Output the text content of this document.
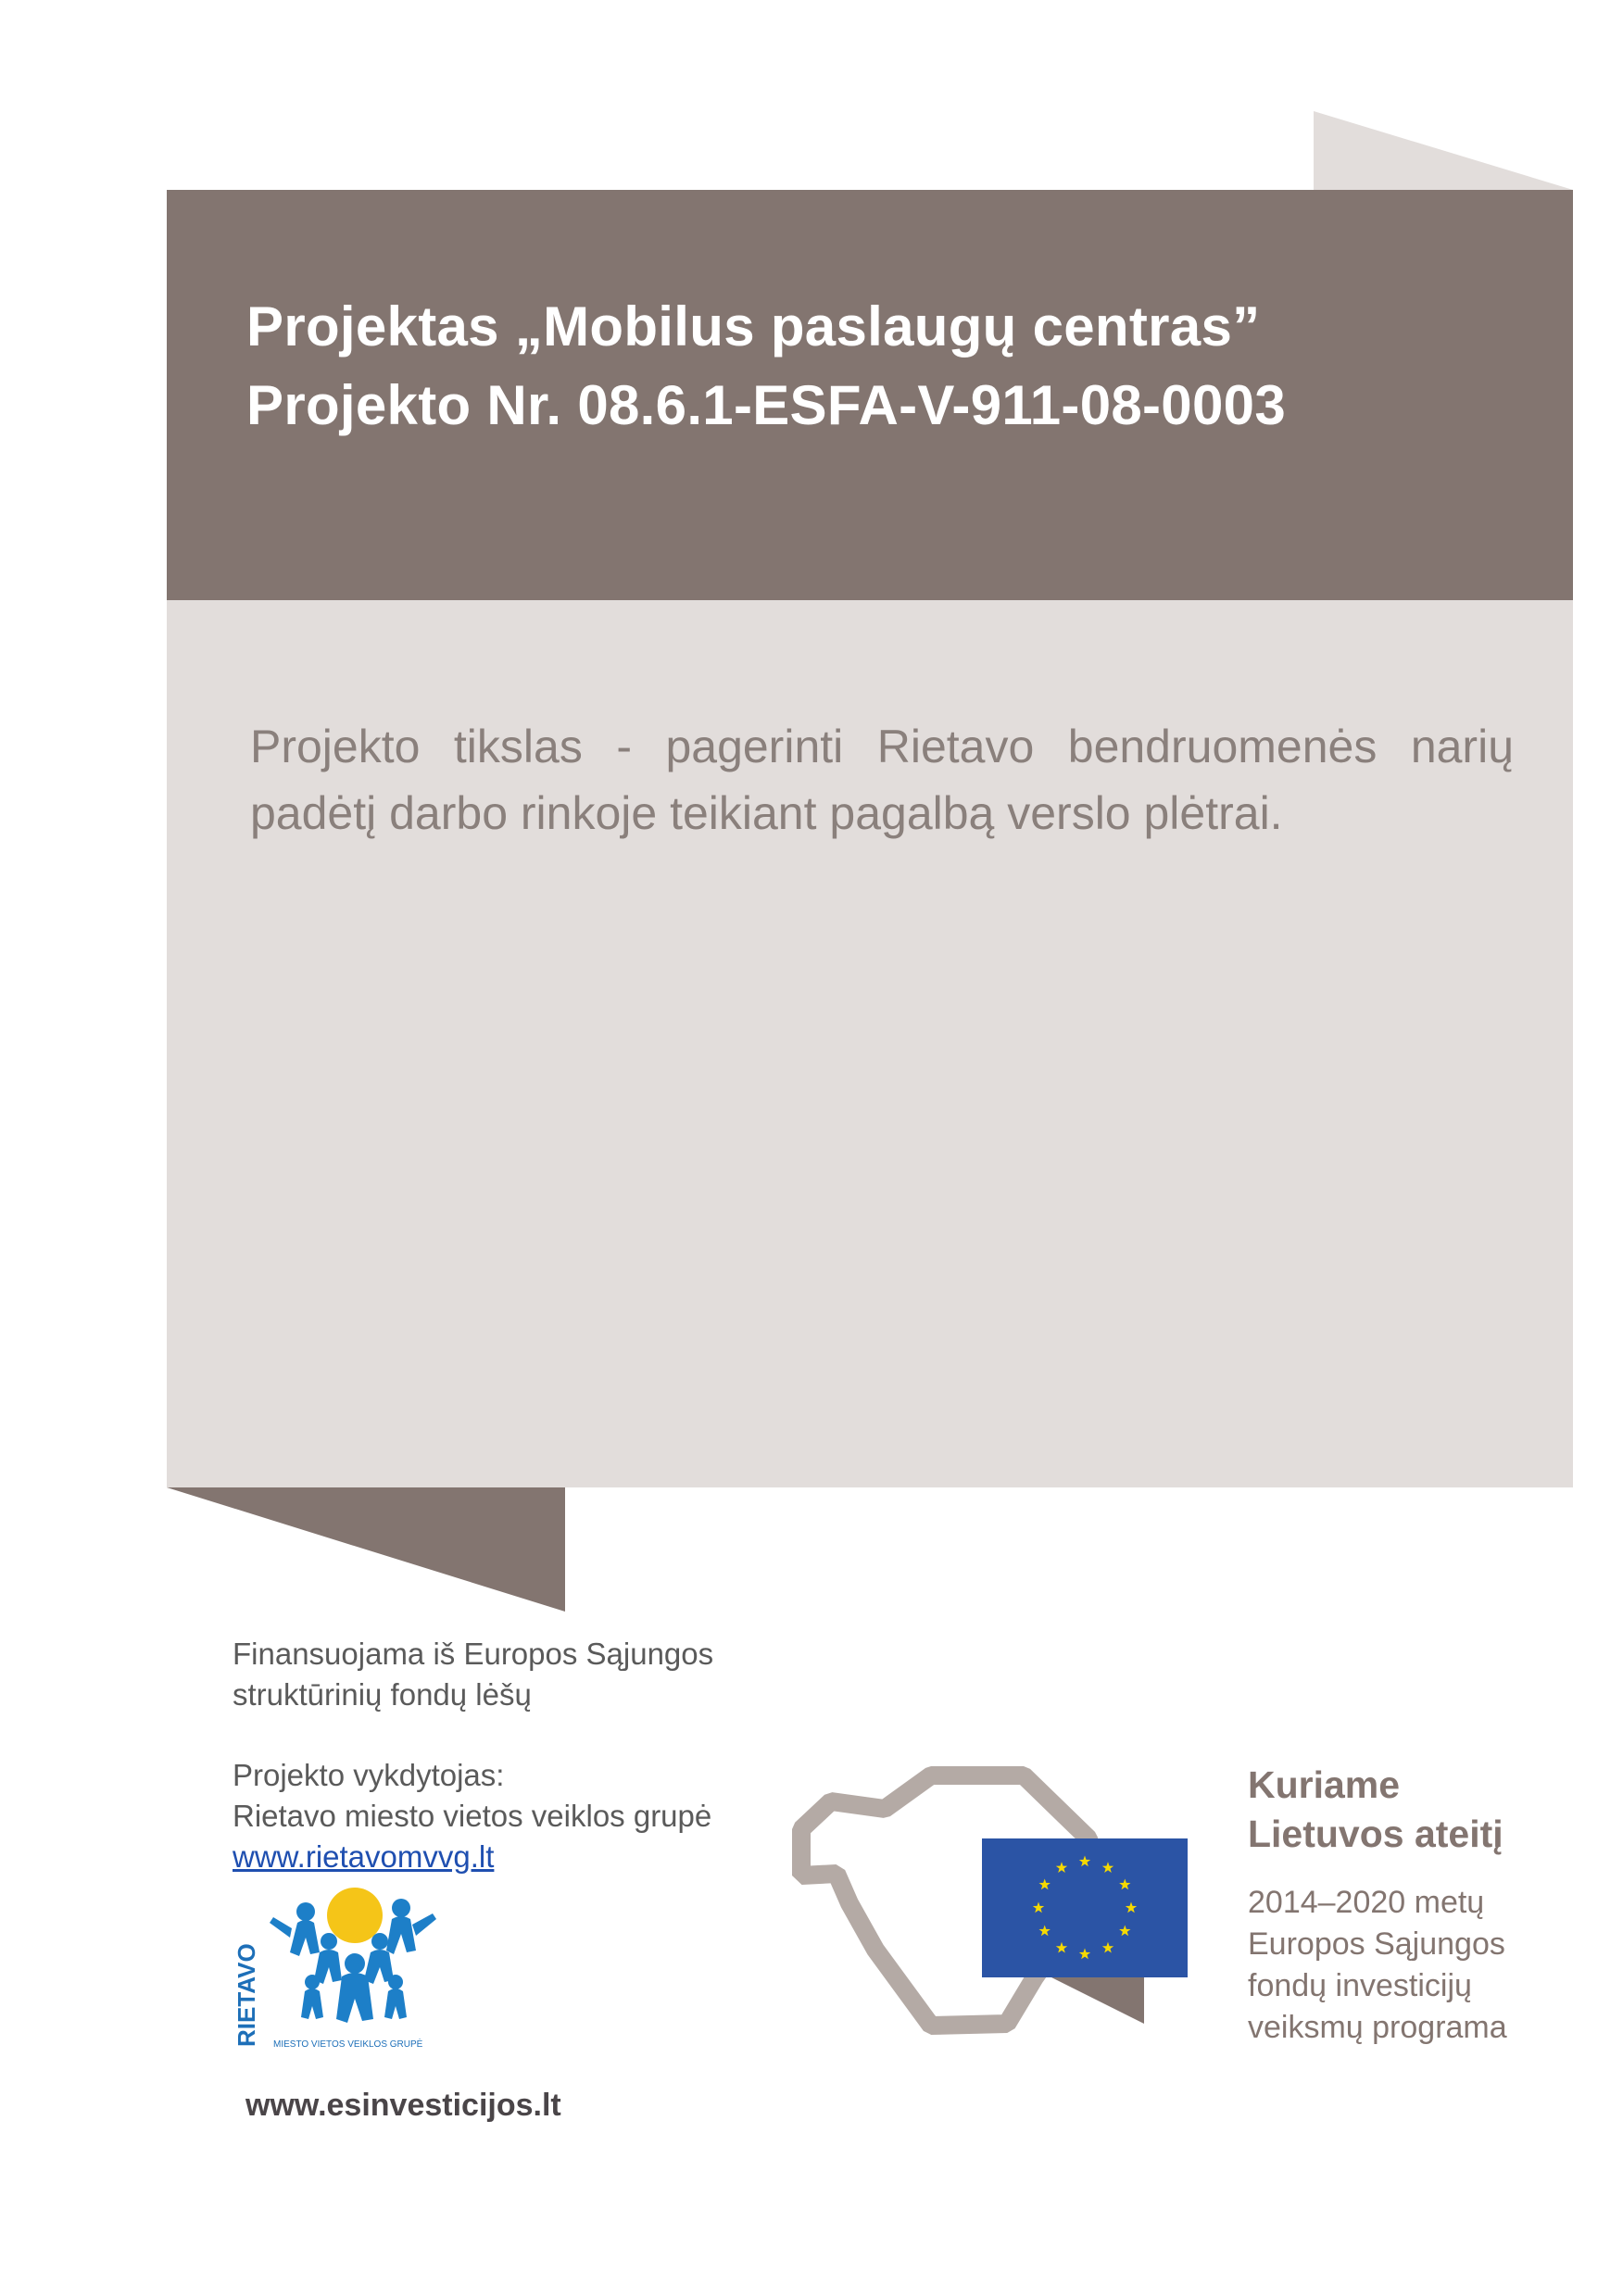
Projektas „Mobilus paslaugų centras”
Projekto Nr. 08.6.1-ESFA-V-911-08-0003
Projekto tikslas - pagerinti Rietavo bendruomenės narių padėtį darbo rinkoje teikiant pagalbą verslo plėtrai.
Finansuojama iš Europos Sąjungos
struktūrinių fondų lėšų
Projekto vykdytojas:
Rietavo miesto vietos veiklos grupė
www.rietavomvvg.lt
RIETAVO MIESTO VIETOS VEIKLOS GRUPĖ
www.esinvesticijos.lt
Kuriame
Lietuvos ateitį
2014–2020 metų
Europos Sąjungos
fondų investicijų
veiksmų programa
